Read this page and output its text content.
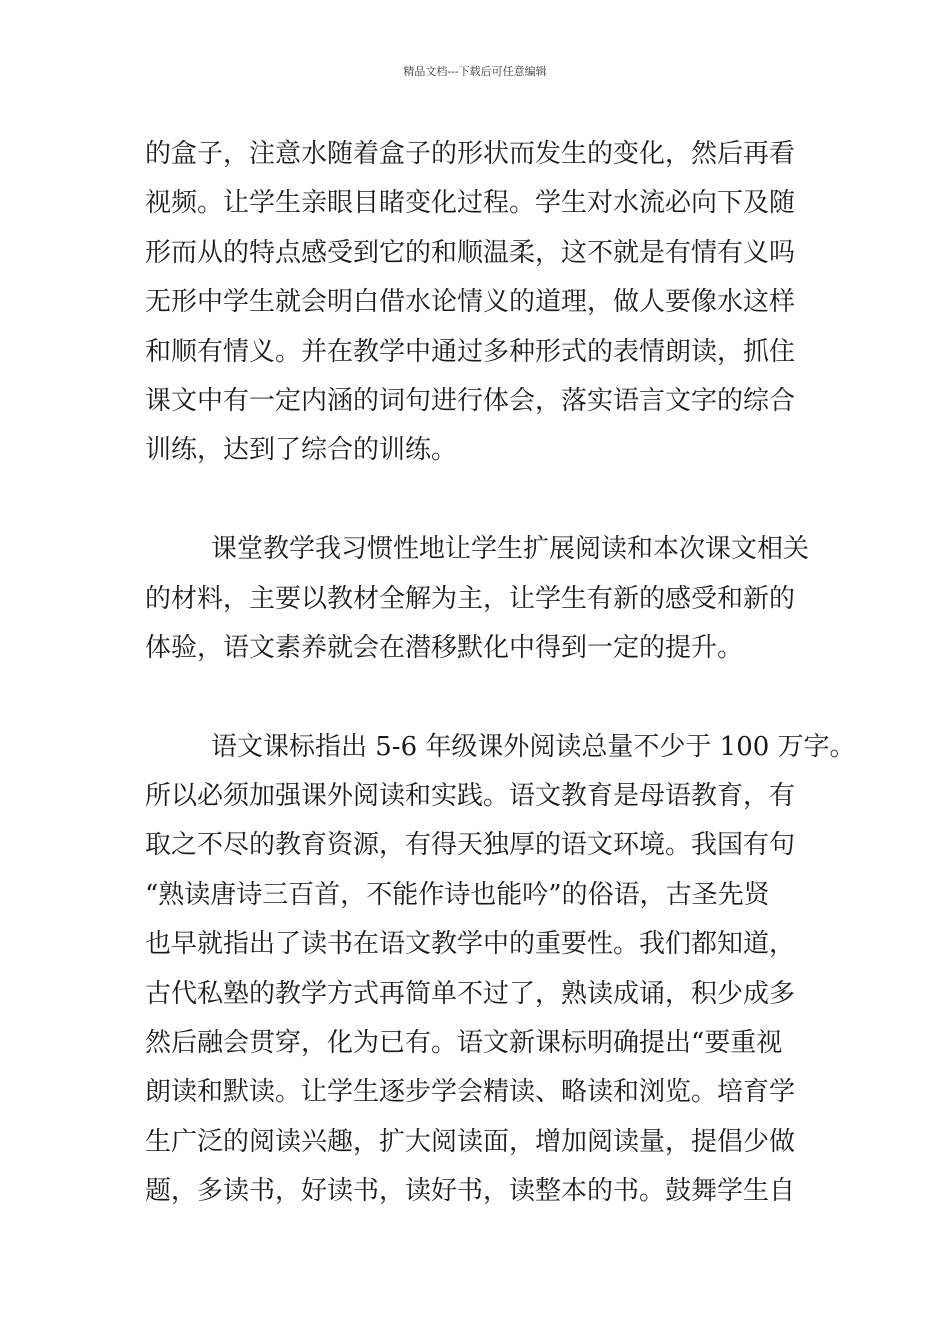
精品文档---下载后可任意编辑
的盒子，注意水随着盒子的形状而发生的变化，然后再看
视频。让学生亲眼目睹变化过程。学生对水流必向下及随
形而从的特点感受到它的和顺温柔，这不就是有情有义吗
无形中学生就会明白借水论情义的道理，做人要像水这样
和顺有情义。并在教学中通过多种形式的表情朗读，抓住
课文中有一定内涵的词句进行体会，落实语言文字的综合
训练，达到了综合的训练。
课堂教学我习惯性地让学生扩展阅读和本次课文相关
的材料，主要以教材全解为主，让学生有新的感受和新的
体验，语文素养就会在潜移默化中得到一定的提升。
语文课标指出 5-6 年级课外阅读总量不少于 100 万字。
所以必须加强课外阅读和实践。语文教育是母语教育，有
取之不尽的教育资源，有得天独厚的语文环境。我国有句
“熟读唐诗三百首，不能作诗也能吟”的俗语，古圣先贤
也早就指出了读书在语文教学中的重要性。我们都知道，
古代私塾的教学方式再简单不过了，熟读成诵，积少成多
然后融会贯穿，化为已有。语文新课标明确提出“要重视
朗读和默读。让学生逐步学会精读、略读和浏览。培育学
生广泛的阅读兴趣，扩大阅读面，增加阅读量，提倡少做
题，多读书，好读书，读好书，读整本的书。鼓舞学生自
